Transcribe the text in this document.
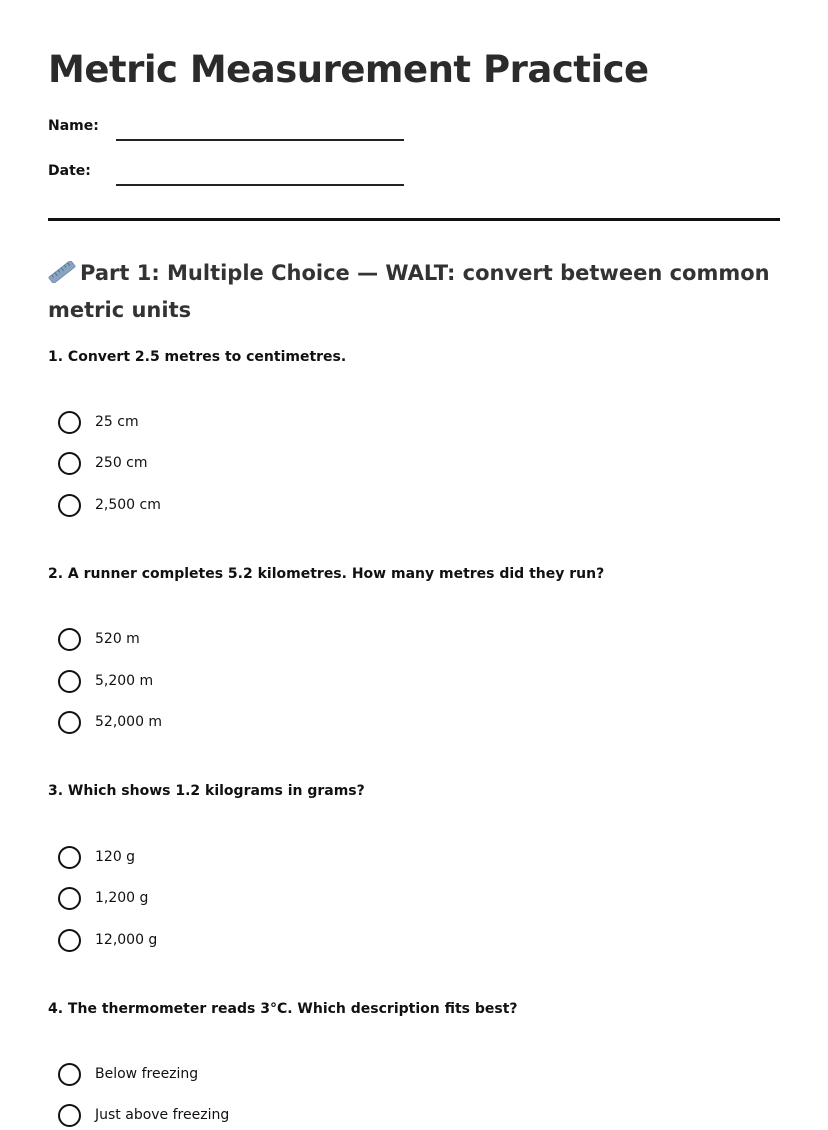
Metric Measurement Practice
Name:
Date:
Part 1: Multiple Choice — WALT: convert between common metric units

1. Convert 2.5 metres to centimetres.

25 cm
250 cm
2,500 cm

2. A runner completes 5.2 kilometres. How many metres did they run?

520 m
5,200 m
52,000 m

3. Which shows 1.2 kilograms in grams?

120 g
1,200 g
12,000 g

4. The thermometer reads 3°C. Which description fits best?

Below freezing
Just above freezing
